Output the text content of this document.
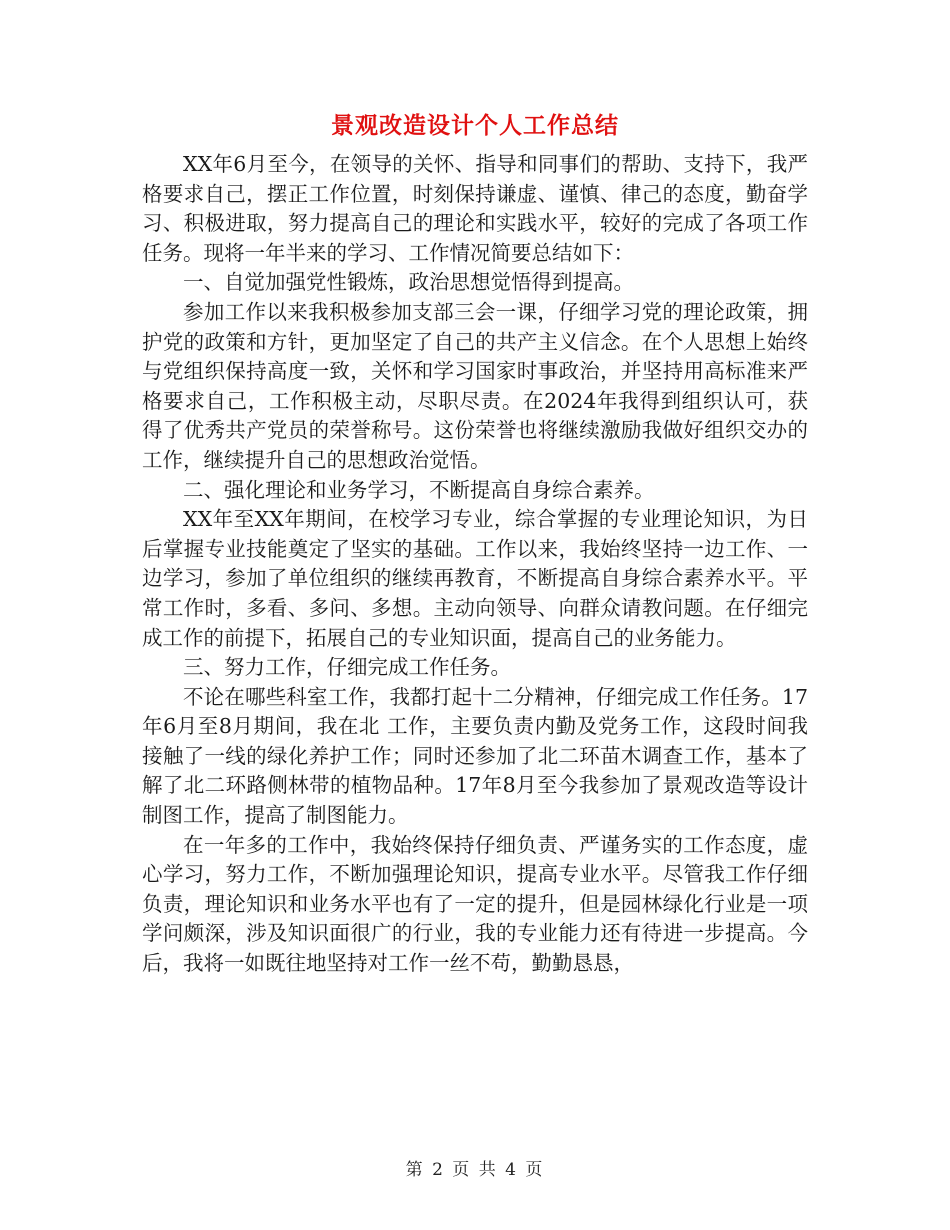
景观改造设计个人工作总结

XX年6月至今，在领导的关怀、指导和同事们的帮助、支持下，我严格要求自己，摆正工作位置，时刻保持谦虚、谨慎、律己的态度，勤奋学习、积极进取，努力提高自己的理论和实践水平，较好的完成了各项工作任务。现将一年半来的学习、工作情况简要总结如下：

一、自觉加强党性锻炼，政治思想觉悟得到提高。

参加工作以来我积极参加支部三会一课，仔细学习党的理论政策，拥护党的政策和方针，更加坚定了自己的共产主义信念。在个人思想上始终与党组织保持高度一致，关怀和学习国家时事政治，并坚持用高标准来严格要求自己，工作积极主动，尽职尽责。在2024年我得到组织认可，获得了优秀共产党员的荣誉称号。这份荣誉也将继续激励我做好组织交办的工作，继续提升自己的思想政治觉悟。

二、强化理论和业务学习，不断提高自身综合素养。

XX年至XX年期间，在校学习专业，综合掌握的专业理论知识，为日后掌握专业技能奠定了坚实的基础。工作以来，我始终坚持一边工作、一边学习，参加了单位组织的继续再教育，不断提高自身综合素养水平。平常工作时，多看、多问、多想。主动向领导、向群众请教问题。在仔细完成工作的前提下，拓展自己的专业知识面，提高自己的业务能力。

三、努力工作，仔细完成工作任务。

不论在哪些科室工作，我都打起十二分精神，仔细完成工作任务。17年6月至8月期间，我在北 工作，主要负责内勤及党务工作，这段时间我接触了一线的绿化养护工作；同时还参加了北二环苗木调查工作，基本了解了北二环路侧林带的植物品种。17年8月至今我参加了景观改造等设计制图工作，提高了制图能力。

在一年多的工作中，我始终保持仔细负责、严谨务实的工作态度，虚心学习，努力工作，不断加强理论知识，提高专业水平。尽管我工作仔细负责，理论知识和业务水平也有了一定的提升，但是园林绿化行业是一项学问颇深，涉及知识面很广的行业，我的专业能力还有待进一步提高。今后，我将一如既往地坚持对工作一丝不苟，勤勤恳恳，

第 2 页 共 4 页
